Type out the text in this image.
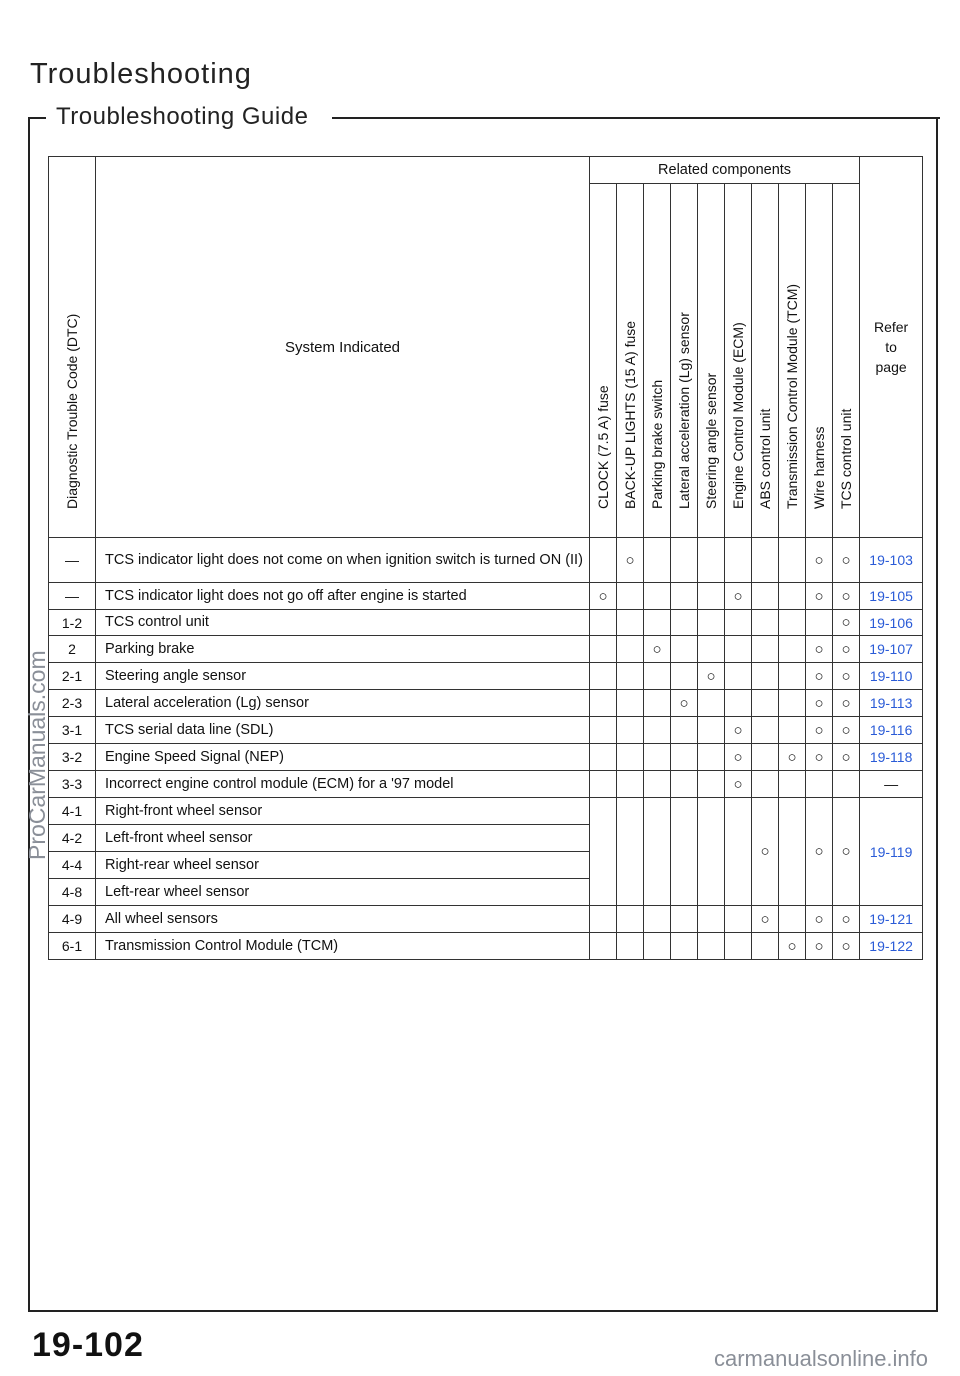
Troubleshooting
Troubleshooting Guide
Diagnostic Trouble Code (DTC)	System Indicated	Related components										Refer
to
page

		CLOCK (7.5 A) fuse	BACK-UP LIGHTS (15 A) fuse	Parking brake switch	Lateral acceleration (Lg) sensor	Steering angle sensor	Engine Control Module (ECM)	ABS control unit	Transmission Control Module (TCM)	Wire harness	TCS control unit	

—	TCS indicator light does not come on when ignition switch is turned ON (II)		○							○	○	19-103
—	TCS indicator light does not go off after engine is started	○					○			○	○	19-105
1-2	TCS control unit										○	19-106
2	Parking brake			○						○	○	19-107
2-1	Steering angle sensor					○				○	○	19-110
2-3	Lateral acceleration (Lg) sensor				○					○	○	19-113
3-1	TCS serial data line (SDL)						○			○	○	19-116
3-2	Engine Speed Signal (NEP)						○		○	○	○	19-118
3-3	Incorrect engine control module (ECM) for a '97 model						○					—
4-1	Right-front wheel sensor							○		○	○	19-119
4-2	Left-front wheel sensor											
4-4	Right-rear wheel sensor											
4-8	Left-rear wheel sensor											
4-9	All wheel sensors							○		○	○	19-121
6-1	Transmission Control Module (TCM)								○	○	○	19-122
ProCarManuals.com
19-102	carmanualsonline.info
